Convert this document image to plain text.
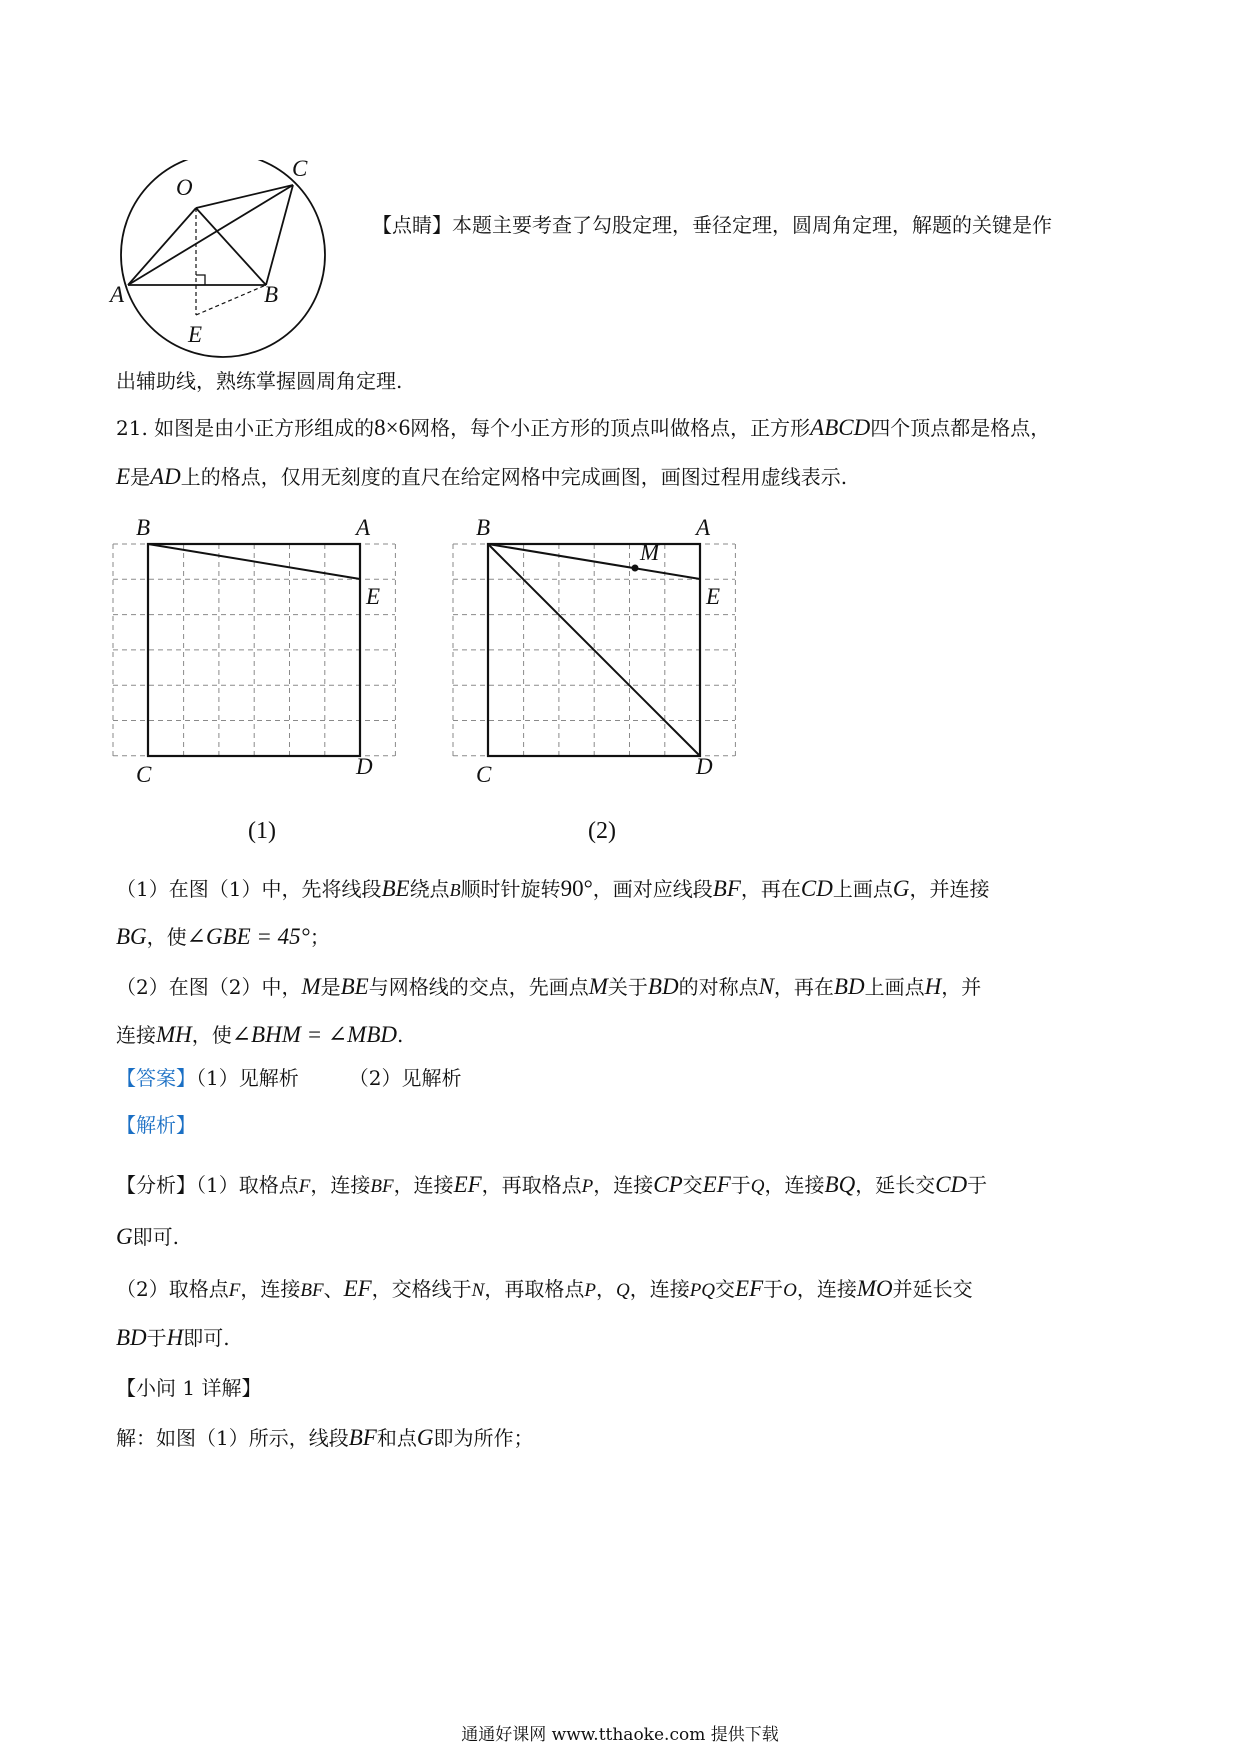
O
C
A	B
E
【点睛】本题主要考查了勾股定理，垂径定理，圆周角定理，解题的关键是作
出辅助线，熟练掌握圆周角定理.
21. 如图是由小正方形组成的8×6网格，每个小正方形的顶点叫做格点，正方形ABCD四个顶点都是格点，
E是AD上的格点，仅用无刻度的直尺在给定网格中完成画图，画图过程用虚线表示.
B	A
E
C	D
B	A
M
E
C	D
(1)	(2)
（1）在图（1）中，先将线段BE绕点B顺时针旋转90°，画对应线段BF，再在CD上画点G，并连接
BG，使∠GBE = 45°；
（2）在图（2）中，M是BE与网格线的交点，先画点M关于BD的对称点N，再在BD上画点H，并
连接MH，使∠BHM = ∠MBD.
【答案】（1）见解析	（2）见解析
【解析】
【分析】（1）取格点F，连接BF，连接EF，再取格点P，连接CP交EF于Q，连接BQ，延长交CD于
G即可.
（2）取格点F，连接BF、EF，交格线于N，再取格点P，Q，连接PQ交EF于O，连接MO并延长交
BD于H即可.
【小问 1 详解】
解：如图（1）所示，线段BF和点G即为所作；
通通好课网 www.tthaoke.com 提供下载
